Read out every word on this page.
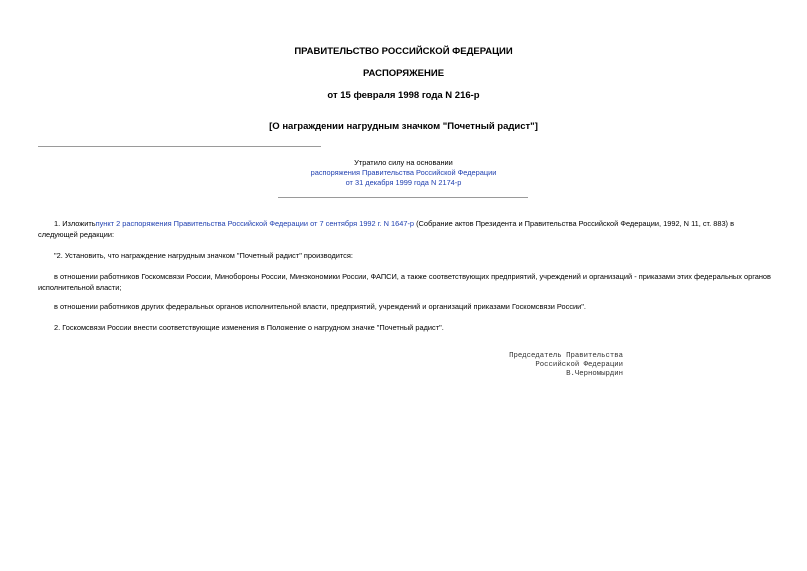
ПРАВИТЕЛЬСТВО РОССИЙСКОЙ ФЕДЕРАЦИИ
РАСПОРЯЖЕНИЕ
от 15 февраля 1998 года N 216-р
[О награждении нагрудным значком "Почетный радист"]
Утратило силу на основании
распоряжения Правительства Российской Федерации
от 31 декабря 1999 года N 2174-р
1. Изложитьпункт 2 распоряжения Правительства Российской Федерации от 7 сентября 1992 г. N 1647-р (Собрание актов Президента и Правительства Российской Федерации, 1992, N 11, ст. 883) в следующей редакции:
"2. Установить, что награждение нагрудным значком "Почетный радист" производится:
в отношении работников Госкомсвязи России, Минобороны России, Минэкономики России, ФАПСИ, а также соответствующих предприятий, учреждений и организаций - приказами этих федеральных органов исполнительной власти;
в отношении работников других федеральных органов исполнительной власти, предприятий, учреждений и организаций приказами Госкомсвязи России".
2. Госкомсвязи России внести соответствующие изменения в Положение о нагрудном значке "Почетный радист".
Председатель Правительства
Российской Федерации
В.Черномырдин
